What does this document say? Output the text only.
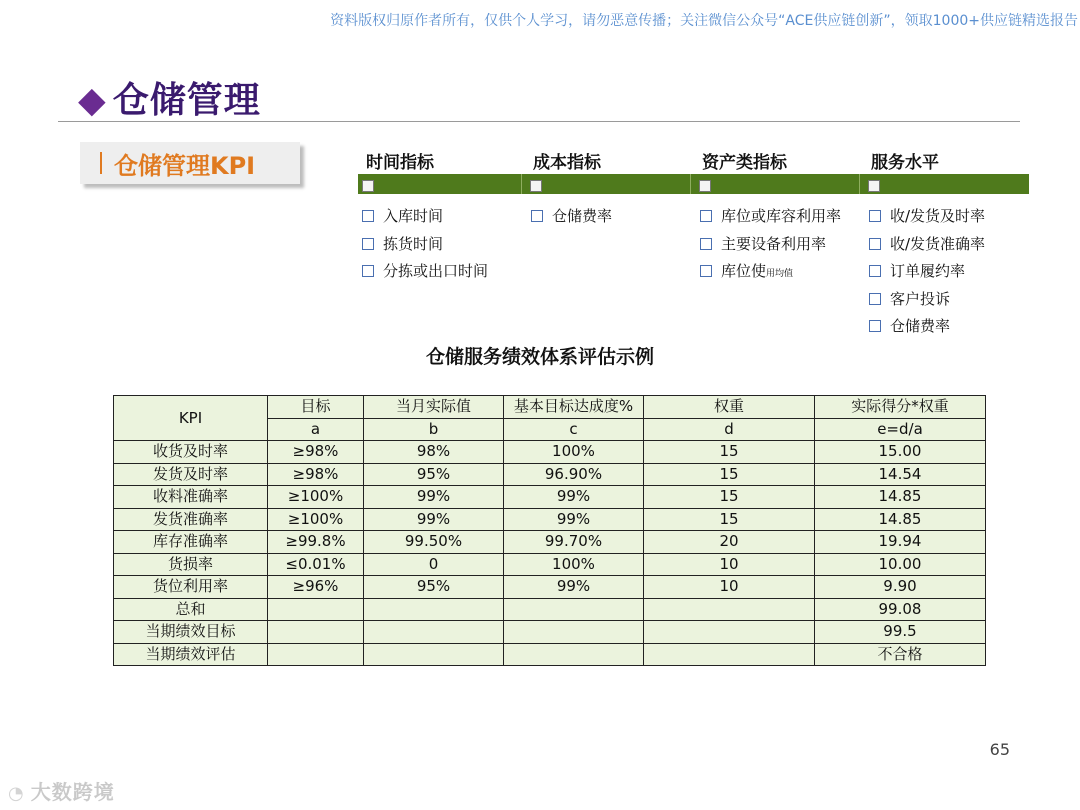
资料版权归原作者所有，仅供个人学习，请勿恶意传播；关注微信公众号“ACE供应链创新”，领取1000+供应链精选报告
◆ 仓储管理
仓储管理KPI	时间指标	成本指标	资产类指标	服务水平
入库时间
拣货时间
分拣或出口时间
仓储费率	库位或库容利用率
主要设备利用率
库位使用均值
收/发货及时率
收/发货准确率
订单履约率
客户投诉
仓储费率
仓储服务绩效体系评估示例
KPI	目标	当月实际值	基本目标达成度%	权重	实际得分*权重
	a	b	c	d	e=d/a
收货及时率	≥98%	98%	100%	15	15.00
发货及时率	≥98%	95%	96.90%	15	14.54
收料准确率	≥100%	99%	99%	15	14.85
发货准确率	≥100%	99%	99%	15	14.85
库存准确率	≥99.8%	99.50%	99.70%	20	19.94
货损率	≤0.01%	0	100%	10	10.00
货位利用率	≥96%	95%	99%	10	9.90
总和					99.08
当期绩效目标					99.5
当期绩效评估					不合格
65
◔ 大数跨境
